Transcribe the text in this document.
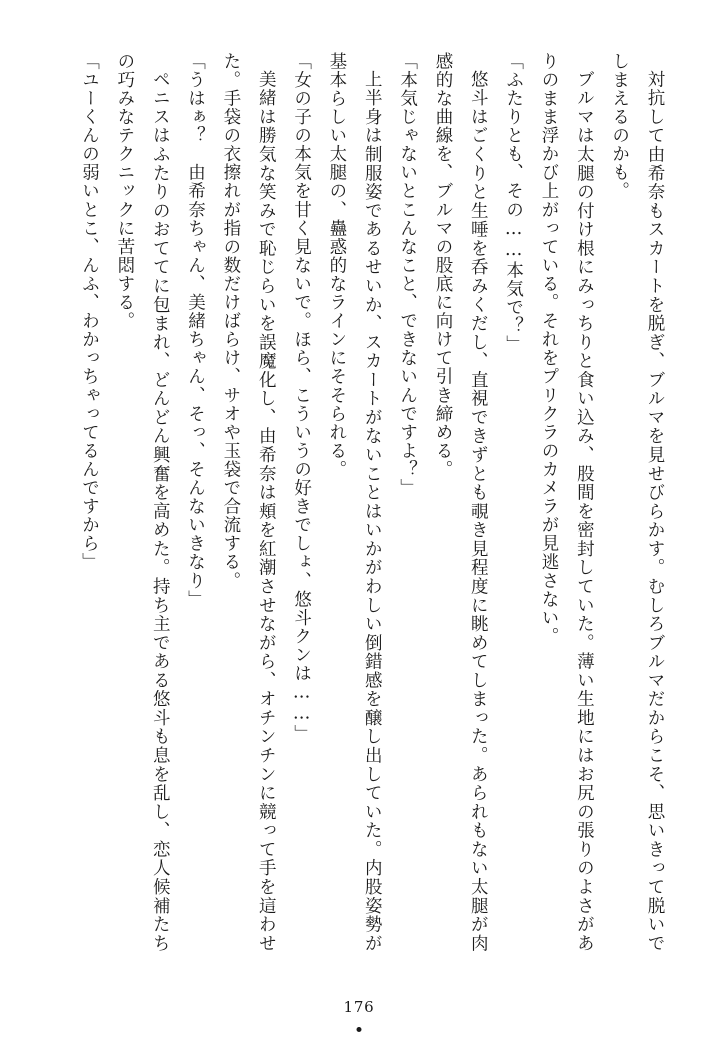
対抗して由希奈もスカートを脱ぎ、ブルマを見せびらかす。むしろブルマだからこそ、思いきって脱いでしまえるのかも。

ブルマは太腿の付け根にみっちりと食い込み、股間を密封していた。薄い生地にはお尻の張りのよさがありのまま浮かび上がっている。それをプリクラのカメラが見逃さない。

「ふたりとも、その……本気で？」

悠斗はごくりと生唾を呑みくだし、直視できずとも覗き見程度に眺めてしまった。あられもない太腿が肉感的な曲線を、ブルマの股底に向けて引き締める。

「本気じゃないとこんなこと、できないんですよ？」

上半身は制服姿であるせいか、スカートがないことはいかがわしい倒錯感を醸し出していた。内股姿勢が基本らしい太腿の、蠱惑的なラインにそそられる。

「女の子の本気を甘く見ないで。ほら、こういうの好きでしょ、悠斗クンは……」

美緒は勝気な笑みで恥じらいを誤魔化し、由希奈は頬を紅潮させながら、オチンチンに競って手を這わせた。手袋の衣擦れが指の数だけばらけ、サオや玉袋で合流する。

「うはぁ？　由希奈ちゃん、美緒ちゃん、そっ、そんないきなり」

ペニスはふたりのおててに包まれ、どんどん興奮を高めた。持ち主である悠斗も息を乱し、恋人候補たちの巧みなテクニックに苦悶する。

「ユーくんの弱いとこ、んふ、わかっちゃってるんですから」

176
